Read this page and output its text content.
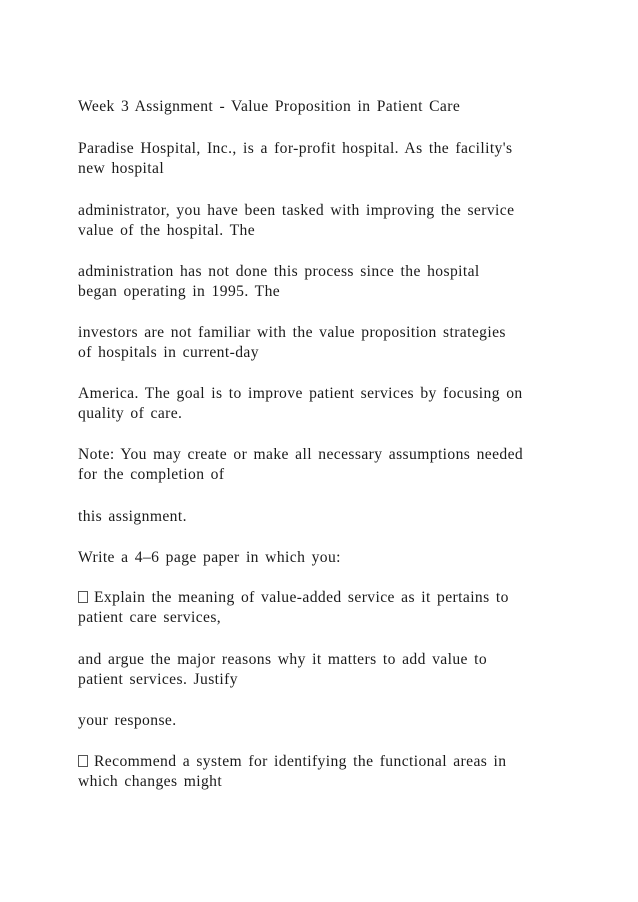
Week 3 Assignment - Value Proposition in Patient Care

Paradise Hospital, Inc., is a for-profit hospital. As the facility's
new hospital

administrator, you have been tasked with improving the service
value of the hospital. The

administration has not done this process since the hospital
began operating in 1995. The

investors are not familiar with the value proposition strategies
of hospitals in current-day

America. The goal is to improve patient services by focusing on
quality of care.

Note: You may create or make all necessary assumptions needed
for the completion of

this assignment.

Write a 4–6 page paper in which you:

Explain the meaning of value-added service as it pertains to
patient care services,

and argue the major reasons why it matters to add value to
patient services. Justify

your response.

Recommend a system for identifying the functional areas in
which changes might
